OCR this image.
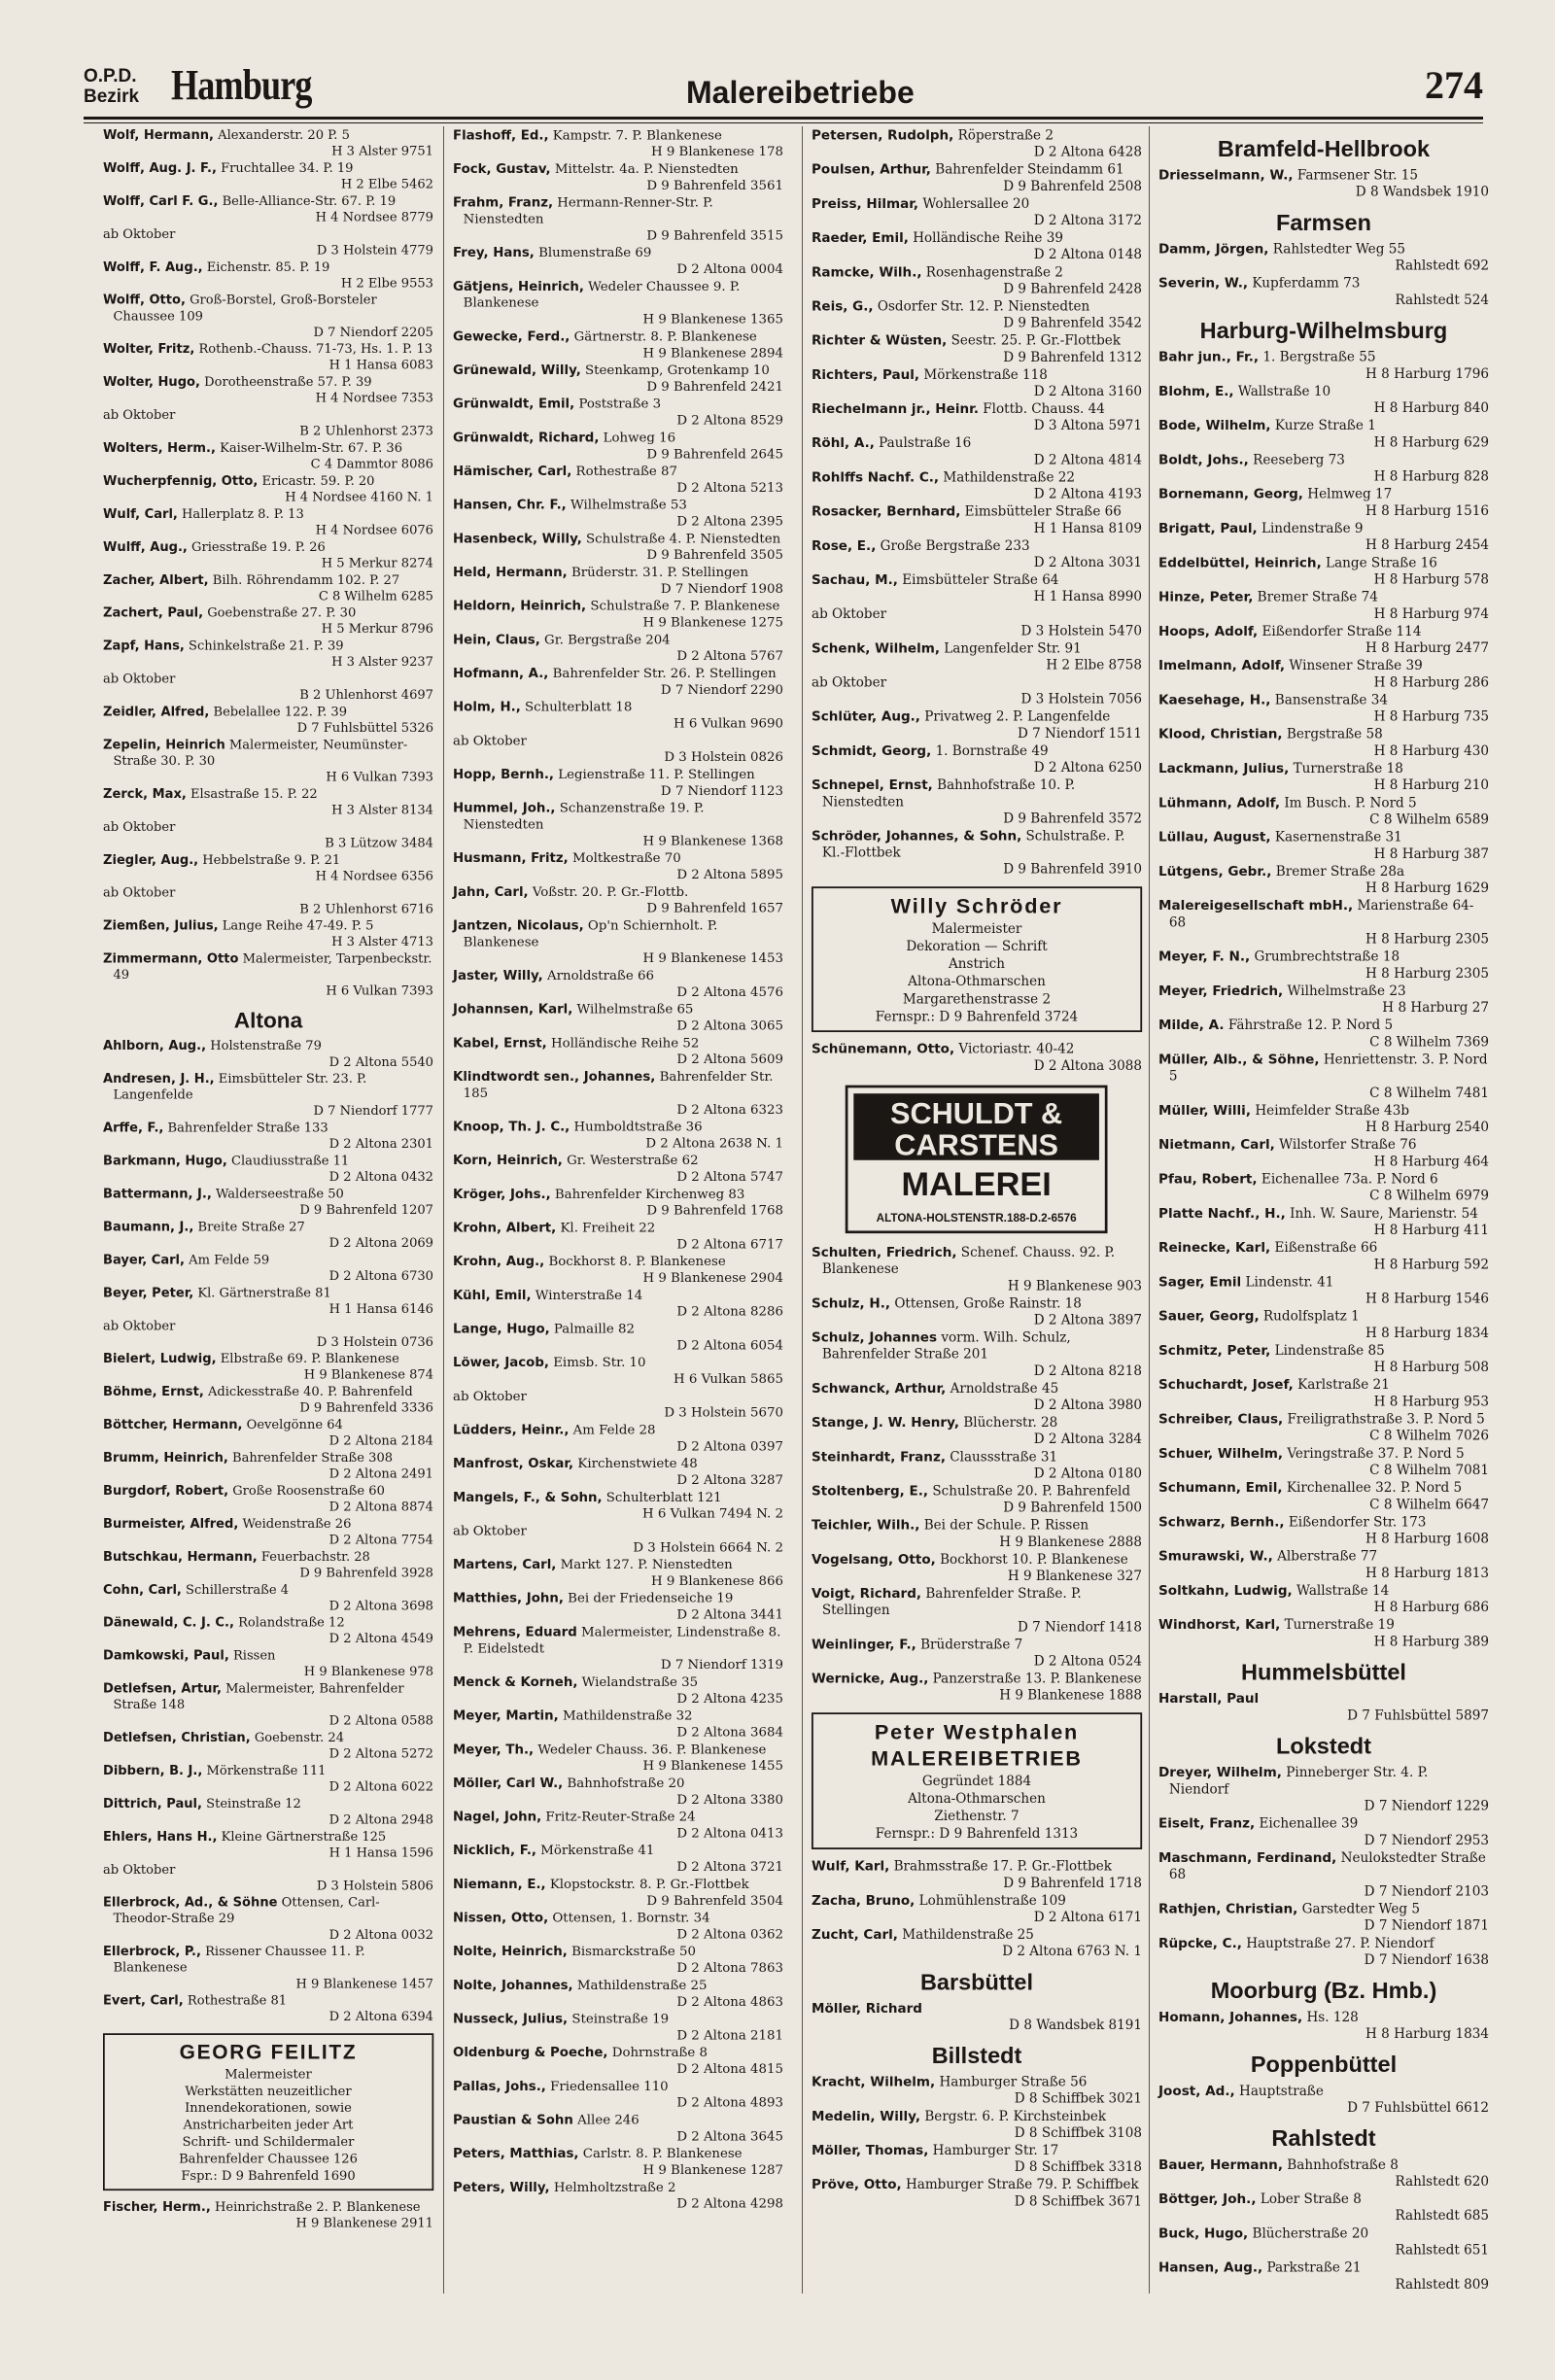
O.P.D.
Bezirk Hamburg	Malereibetriebe	274
Wolf, Hermann, Alexanderstr. 20 P. 5
H 3 Alster 9751
Wolff, Aug. J. F., Fruchtallee 34. P. 19
H 2 Elbe 5462
Wolff, Carl F. G., Belle-Alliance-Str. 67. P. 19
H 4 Nordsee 8779
ab Oktober
D 3 Holstein 4779
Wolff, F. Aug., Eichenstr. 85. P. 19
H 2 Elbe 9553
Wolff, Otto, Groß-Borstel, Groß-Borsteler Chaussee 109
D 7 Niendorf 2205
Wolter, Fritz, Rothenb.-Chauss. 71-73, Hs. 1. P. 13
H 1 Hansa 6083
Wolter, Hugo, Dorotheenstraße 57. P. 39
H 4 Nordsee 7353
ab Oktober
B 2 Uhlenhorst 2373
Wolters, Herm., Kaiser-Wilhelm-Str. 67. P. 36
C 4 Dammtor 8086
Wucherpfennig, Otto, Ericastr. 59. P. 20
H 4 Nordsee 4160 N. 1
Wulf, Carl, Hallerplatz 8. P. 13
H 4 Nordsee 6076
Wulff, Aug., Griesstraße 19. P. 26
H 5 Merkur 8274
Zacher, Albert, Bilh. Röhrendamm 102. P. 27
C 8 Wilhelm 6285
Zachert, Paul, Goebenstraße 27. P. 30
H 5 Merkur 8796
Zapf, Hans, Schinkelstraße 21. P. 39
H 3 Alster 9237
ab Oktober
B 2 Uhlenhorst 4697
Zeidler, Alfred, Bebelallee 122. P. 39
D 7 Fuhlsbüttel 5326
Zepelin, Heinrich Malermeister, Neumünster-Straße 30. P. 30
H 6 Vulkan 7393
Zerck, Max, Elsastraße 15. P. 22
H 3 Alster 8134
ab Oktober
B 3 Lützow 3484
Ziegler, Aug., Hebbelstraße 9. P. 21
H 4 Nordsee 6356
ab Oktober
B 2 Uhlenhorst 6716
Ziemßen, Julius, Lange Reihe 47-49. P. 5
H 3 Alster 4713
Zimmermann, Otto Malermeister, Tarpenbeckstr. 49
H 6 Vulkan 7393
Altona
Ahlborn, Aug., Holstenstraße 79
D 2 Altona 5540
Andresen, J. H., Eimsbütteler Str. 23. P. Langenfelde
D 7 Niendorf 1777
Arffe, F., Bahrenfelder Straße 133
D 2 Altona 2301
Barkmann, Hugo, Claudiusstraße 11
D 2 Altona 0432
Battermann, J., Walderseestraße 50
D 9 Bahrenfeld 1207
Baumann, J., Breite Straße 27
D 2 Altona 2069
Bayer, Carl, Am Felde 59
D 2 Altona 6730
Beyer, Peter, Kl. Gärtnerstraße 81
H 1 Hansa 6146
ab Oktober
D 3 Holstein 0736
Bielert, Ludwig, Elbstraße 69. P. Blankenese
H 9 Blankenese 874
Böhme, Ernst, Adickesstraße 40. P. Bahrenfeld
D 9 Bahrenfeld 3336
Böttcher, Hermann, Oevelgönne 64
D 2 Altona 2184
Brumm, Heinrich, Bahrenfelder Straße 308
D 2 Altona 2491
Burgdorf, Robert, Große Roosenstraße 60
D 2 Altona 8874
Burmeister, Alfred, Weidenstraße 26
D 2 Altona 7754
Butschkau, Hermann, Feuerbachstr. 28
D 9 Bahrenfeld 3928
Cohn, Carl, Schillerstraße 4
D 2 Altona 3698
Dänewald, C. J. C., Rolandstraße 12
D 2 Altona 4549
Damkowski, Paul, Rissen
H 9 Blankenese 978
Detlefsen, Artur, Malermeister, Bahrenfelder Straße 148
D 2 Altona 0588
Detlefsen, Christian, Goebenstr. 24
D 2 Altona 5272
Dibbern, B. J., Mörkenstraße 111
D 2 Altona 6022
Dittrich, Paul, Steinstraße 12
D 2 Altona 2948
Ehlers, Hans H., Kleine Gärtnerstraße 125
H 1 Hansa 1596
ab Oktober
D 3 Holstein 5806
Ellerbrock, Ad., & Söhne Ottensen, Carl-Theodor-Straße 29
D 2 Altona 0032
Ellerbrock, P., Rissener Chaussee 11. P. Blankenese
H 9 Blankenese 1457
Evert, Carl, Rothestraße 81
D 2 Altona 6394
GEORG FEILITZ
Malermeister
Werkstätten neuzeitlicher
Innendekorationen, sowie
Anstricharbeiten jeder Art
Schrift- und Schildermaler
Bahrenfelder Chaussee 126
Fspr.: D 9 Bahrenfeld 1690
Fischer, Herm., Heinrichstraße 2. P. Blankenese
H 9 Blankenese 2911
Flashoff, Ed., Kampstr. 7. P. Blankenese
H 9 Blankenese 178
Fock, Gustav, Mittelstr. 4a. P. Nienstedten
D 9 Bahrenfeld 3561
Frahm, Franz, Hermann-Renner-Str. P. Nienstedten
D 9 Bahrenfeld 3515
Frey, Hans, Blumenstraße 69
D 2 Altona 0004
Gätjens, Heinrich, Wedeler Chaussee 9. P. Blankenese
H 9 Blankenese 1365
Gewecke, Ferd., Gärtnerstr. 8. P. Blankenese
H 9 Blankenese 2894
Grünewald, Willy, Steenkamp, Grotenkamp 10
D 9 Bahrenfeld 2421
Grünwaldt, Emil, Poststraße 3
D 2 Altona 8529
Grünwaldt, Richard, Lohweg 16
D 9 Bahrenfeld 2645
Hämischer, Carl, Rothestraße 87
D 2 Altona 5213
Hansen, Chr. F., Wilhelmstraße 53
D 2 Altona 2395
Hasenbeck, Willy, Schulstraße 4. P. Nienstedten
D 9 Bahrenfeld 3505
Held, Hermann, Brüderstr. 31. P. Stellingen
D 7 Niendorf 1908
Heldorn, Heinrich, Schulstraße 7. P. Blankenese
H 9 Blankenese 1275
Hein, Claus, Gr. Bergstraße 204
D 2 Altona 5767
Hofmann, A., Bahrenfelder Str. 26. P. Stellingen
D 7 Niendorf 2290
Holm, H., Schulterblatt 18
H 6 Vulkan 9690
ab Oktober
D 3 Holstein 0826
Hopp, Bernh., Legienstraße 11. P. Stellingen
D 7 Niendorf 1123
Hummel, Joh., Schanzenstraße 19. P. Nienstedten
H 9 Blankenese 1368
Husmann, Fritz, Moltkestraße 70
D 2 Altona 5895
Jahn, Carl, Voßstr. 20. P. Gr.-Flottb.
D 9 Bahrenfeld 1657
Jantzen, Nicolaus, Op'n Schiernholt. P. Blankenese
H 9 Blankenese 1453
Jaster, Willy, Arnoldstraße 66
D 2 Altona 4576
Johannsen, Karl, Wilhelmstraße 65
D 2 Altona 3065
Kabel, Ernst, Holländische Reihe 52
D 2 Altona 5609
Klindtwordt sen., Johannes, Bahrenfelder Str. 185
D 2 Altona 6323
Knoop, Th. J. C., Humboldtstraße 36
D 2 Altona 2638 N. 1
Korn, Heinrich, Gr. Westerstraße 62
D 2 Altona 5747
Kröger, Johs., Bahrenfelder Kirchenweg 83
D 9 Bahrenfeld 1768
Krohn, Albert, Kl. Freiheit 22
D 2 Altona 6717
Krohn, Aug., Bockhorst 8. P. Blankenese
H 9 Blankenese 2904
Kühl, Emil, Winterstraße 14
D 2 Altona 8286
Lange, Hugo, Palmaille 82
D 2 Altona 6054
Löwer, Jacob, Eimsb. Str. 10
H 6 Vulkan 5865
ab Oktober
D 3 Holstein 5670
Lüdders, Heinr., Am Felde 28
D 2 Altona 0397
Manfrost, Oskar, Kirchenstwiete 48
D 2 Altona 3287
Mangels, F., & Sohn, Schulterblatt 121
H 6 Vulkan 7494 N. 2
ab Oktober
D 3 Holstein 6664 N. 2
Martens, Carl, Markt 127. P. Nienstedten
H 9 Blankenese 866
Matthies, John, Bei der Friedenseiche 19
D 2 Altona 3441
Mehrens, Eduard Malermeister, Lindenstraße 8. P. Eidelstedt
D 7 Niendorf 1319
Menck & Korneh, Wielandstraße 35
D 2 Altona 4235
Meyer, Martin, Mathildenstraße 32
D 2 Altona 3684
Meyer, Th., Wedeler Chauss. 36. P. Blankenese
H 9 Blankenese 1455
Möller, Carl W., Bahnhofstraße 20
D 2 Altona 3380
Nagel, John, Fritz-Reuter-Straße 24
D 2 Altona 0413
Nicklich, F., Mörkenstraße 41
D 2 Altona 3721
Niemann, E., Klopstockstr. 8. P. Gr.-Flottbek
D 9 Bahrenfeld 3504
Nissen, Otto, Ottensen, 1. Bornstr. 34
D 2 Altona 0362
Nolte, Heinrich, Bismarckstraße 50
D 2 Altona 7863
Nolte, Johannes, Mathildenstraße 25
D 2 Altona 4863
Nusseck, Julius, Steinstraße 19
D 2 Altona 2181
Oldenburg & Poeche, Dohrnstraße 8
D 2 Altona 4815
Pallas, Johs., Friedensallee 110
D 2 Altona 4893
Paustian & Sohn Allee 246
D 2 Altona 3645
Peters, Matthias, Carlstr. 8. P. Blankenese
H 9 Blankenese 1287
Peters, Willy, Helmholtzstraße 2
D 2 Altona 4298
Petersen, Rudolph, Röperstraße 2
D 2 Altona 6428
Poulsen, Arthur, Bahrenfelder Steindamm 61
D 9 Bahrenfeld 2508
Preiss, Hilmar, Wohlersallee 20
D 2 Altona 3172
Raeder, Emil, Holländische Reihe 39
D 2 Altona 0148
Ramcke, Wilh., Rosenhagenstraße 2
D 9 Bahrenfeld 2428
Reis, G., Osdorfer Str. 12. P. Nienstedten
D 9 Bahrenfeld 3542
Richter & Wüsten, Seestr. 25. P. Gr.-Flottbek
D 9 Bahrenfeld 1312
Richters, Paul, Mörkenstraße 118
D 2 Altona 3160
Riechelmann jr., Heinr. Flottb. Chauss. 44
D 3 Altona 5971
Röhl, A., Paulstraße 16
D 2 Altona 4814
Rohlffs Nachf. C., Mathildenstraße 22
D 2 Altona 4193
Rosacker, Bernhard, Eimsbütteler Straße 66
H 1 Hansa 8109
Rose, E., Große Bergstraße 233
D 2 Altona 3031
Sachau, M., Eimsbütteler Straße 64
H 1 Hansa 8990
ab Oktober
D 3 Holstein 5470
Schenk, Wilhelm, Langenfelder Str. 91
H 2 Elbe 8758
ab Oktober
D 3 Holstein 7056
Schlüter, Aug., Privatweg 2. P. Langenfelde
D 7 Niendorf 1511
Schmidt, Georg, 1. Bornstraße 49
D 2 Altona 6250
Schnepel, Ernst, Bahnhofstraße 10. P. Nienstedten
D 9 Bahrenfeld 3572
Schröder, Johannes, & Sohn, Schulstraße. P. Kl.-Flottbek
D 9 Bahrenfeld 3910
Willy Schröder
Malermeister
Dekoration — Schrift
Anstrich
Altona-Othmarschen
Margarethenstrasse 2
Fernspr.: D 9 Bahrenfeld 3724
Schünemann, Otto, Victoriastr. 40-42
D 2 Altona 3088
SCHULDT &
CARSTENS
MALEREI
ALTONA-HOLSTENSTR.188-D.2-6576
Schulten, Friedrich, Schenef. Chauss. 92. P. Blankenese
H 9 Blankenese 903
Schulz, H., Ottensen, Große Rainstr. 18
D 2 Altona 3897
Schulz, Johannes vorm. Wilh. Schulz, Bahrenfelder Straße 201
D 2 Altona 8218
Schwanck, Arthur, Arnoldstraße 45
D 2 Altona 3980
Stange, J. W. Henry, Blücherstr. 28
D 2 Altona 3284
Steinhardt, Franz, Claussstraße 31
D 2 Altona 0180
Stoltenberg, E., Schulstraße 20. P. Bahrenfeld
D 9 Bahrenfeld 1500
Teichler, Wilh., Bei der Schule. P. Rissen
H 9 Blankenese 2888
Vogelsang, Otto, Bockhorst 10. P. Blankenese
H 9 Blankenese 327
Voigt, Richard, Bahrenfelder Straße. P. Stellingen
D 7 Niendorf 1418
Weinlinger, F., Brüderstraße 7
D 2 Altona 0524
Wernicke, Aug., Panzerstraße 13. P. Blankenese
H 9 Blankenese 1888
Peter Westphalen
MALEREIBETRIEB
Gegründet 1884
Altona-Othmarschen
Ziethenstr. 7
Fernspr.: D 9 Bahrenfeld 1313
Wulf, Karl, Brahmsstraße 17. P. Gr.-Flottbek
D 9 Bahrenfeld 1718
Zacha, Bruno, Lohmühlenstraße 109
D 2 Altona 6171
Zucht, Carl, Mathildenstraße 25
D 2 Altona 6763 N. 1
Barsbüttel
Möller, Richard
D 8 Wandsbek 8191
Billstedt
Kracht, Wilhelm, Hamburger Straße 56
D 8 Schiffbek 3021
Medelin, Willy, Bergstr. 6. P. Kirchsteinbek
D 8 Schiffbek 3108
Möller, Thomas, Hamburger Str. 17
D 8 Schiffbek 3318
Pröve, Otto, Hamburger Straße 79. P. Schiffbek
D 8 Schiffbek 3671
Bramfeld-Hellbrook
Driesselmann, W., Farmsener Str. 15
D 8 Wandsbek 1910
Farmsen
Damm, Jörgen, Rahlstedter Weg 55
Rahlstedt 692
Severin, W., Kupferdamm 73
Rahlstedt 524
Harburg-Wilhelmsburg
Bahr jun., Fr., 1. Bergstraße 55
H 8 Harburg 1796
Blohm, E., Wallstraße 10
H 8 Harburg 840
Bode, Wilhelm, Kurze Straße 1
H 8 Harburg 629
Boldt, Johs., Reeseberg 73
H 8 Harburg 828
Bornemann, Georg, Helmweg 17
H 8 Harburg 1516
Brigatt, Paul, Lindenstraße 9
H 8 Harburg 2454
Eddelbüttel, Heinrich, Lange Straße 16
H 8 Harburg 578
Hinze, Peter, Bremer Straße 74
H 8 Harburg 974
Hoops, Adolf, Eißendorfer Straße 114
H 8 Harburg 2477
Imelmann, Adolf, Winsener Straße 39
H 8 Harburg 286
Kaesehage, H., Bansenstraße 34
H 8 Harburg 735
Klood, Christian, Bergstraße 58
H 8 Harburg 430
Lackmann, Julius, Turnerstraße 18
H 8 Harburg 210
Lühmann, Adolf, Im Busch. P. Nord 5
C 8 Wilhelm 6589
Lüllau, August, Kasernenstraße 31
H 8 Harburg 387
Lütgens, Gebr., Bremer Straße 28a
H 8 Harburg 1629
Malereigesellschaft mbH., Marienstraße 64-68
H 8 Harburg 2305
Meyer, F. N., Grumbrechtstraße 18
H 8 Harburg 2305
Meyer, Friedrich, Wilhelmstraße 23
H 8 Harburg 27
Milde, A. Fährstraße 12. P. Nord 5
C 8 Wilhelm 7369
Müller, Alb., & Söhne, Henriettenstr. 3. P. Nord 5
C 8 Wilhelm 7481
Müller, Willi, Heimfelder Straße 43b
H 8 Harburg 2540
Nietmann, Carl, Wilstorfer Straße 76
H 8 Harburg 464
Pfau, Robert, Eichenallee 73a. P. Nord 6
C 8 Wilhelm 6979
Platte Nachf., H., Inh. W. Saure, Marienstr. 54
H 8 Harburg 411
Reinecke, Karl, Eißenstraße 66
H 8 Harburg 592
Sager, Emil Lindenstr. 41
H 8 Harburg 1546
Sauer, Georg, Rudolfsplatz 1
H 8 Harburg 1834
Schmitz, Peter, Lindenstraße 85
H 8 Harburg 508
Schuchardt, Josef, Karlstraße 21
H 8 Harburg 953
Schreiber, Claus, Freiligrathstraße 3. P. Nord 5
C 8 Wilhelm 7026
Schuer, Wilhelm, Veringstraße 37. P. Nord 5
C 8 Wilhelm 7081
Schumann, Emil, Kirchenallee 32. P. Nord 5
C 8 Wilhelm 6647
Schwarz, Bernh., Eißendorfer Str. 173
H 8 Harburg 1608
Smurawski, W., Alberstraße 77
H 8 Harburg 1813
Soltkahn, Ludwig, Wallstraße 14
H 8 Harburg 686
Windhorst, Karl, Turnerstraße 19
H 8 Harburg 389
Hummelsbüttel
Harstall, Paul
D 7 Fuhlsbüttel 5897
Lokstedt
Dreyer, Wilhelm, Pinneberger Str. 4. P. Niendorf
D 7 Niendorf 1229
Eiselt, Franz, Eichenallee 39
D 7 Niendorf 2953
Maschmann, Ferdinand, Neulokstedter Straße 68
D 7 Niendorf 2103
Rathjen, Christian, Garstedter Weg 5
D 7 Niendorf 1871
Rüpcke, C., Hauptstraße 27. P. Niendorf
D 7 Niendorf 1638
Moorburg (Bz. Hmb.)
Homann, Johannes, Hs. 128
H 8 Harburg 1834
Poppenbüttel
Joost, Ad., Hauptstraße
D 7 Fuhlsbüttel 6612
Rahlstedt
Bauer, Hermann, Bahnhofstraße 8
Rahlstedt 620
Böttger, Joh., Lober Straße 8
Rahlstedt 685
Buck, Hugo, Blücherstraße 20
Rahlstedt 651
Hansen, Aug., Parkstraße 21
Rahlstedt 809
